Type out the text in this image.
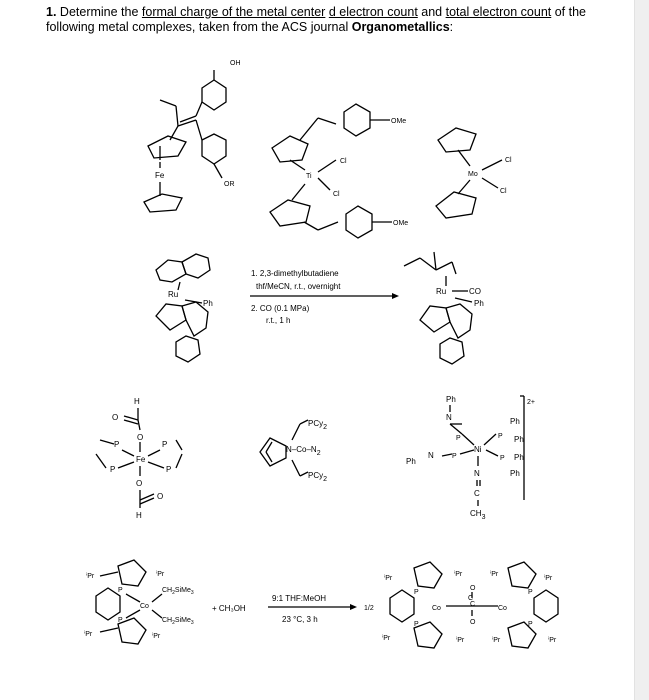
1. Determine the formal charge of the metal center d electron count and total electron count of the following metal complexes, taken from the ACS journal Organometallics:
Fe
OH
OR
Ti
Cl
Cl
OMe
OMe
Mo
Cl
Cl
Ru
Ph
1. 2,3-dimethylbutadiene
thf/MeCN, r.t., overnight
2. CO (0.1 MPa)
r.t., 1 h
Ru	CO
Ph
H
O
O
Fe
P	P
P	P
O
O
H
PCy2
N–Co–N2
PCy2
Ph	2+
N	Ph
Ph
Ph
Ph
Ph
N
Ni
P	P
P	P
N
C
CH3
ⁱPr	ⁱPr
ⁱPr	ⁱPr
P
P
Co
$CH_2SiMe_3$
$CH_2SiMe_3$
+ CH₃OH
9:1 THF:MeOH
23 °C, 3 h
1/2
ⁱPr
ⁱPr	ⁱPr
ⁱPr
ⁱPr	ⁱPr	ⁱPr	ⁱPr
P
P
Co
O
C
C
O
Co
P
P
